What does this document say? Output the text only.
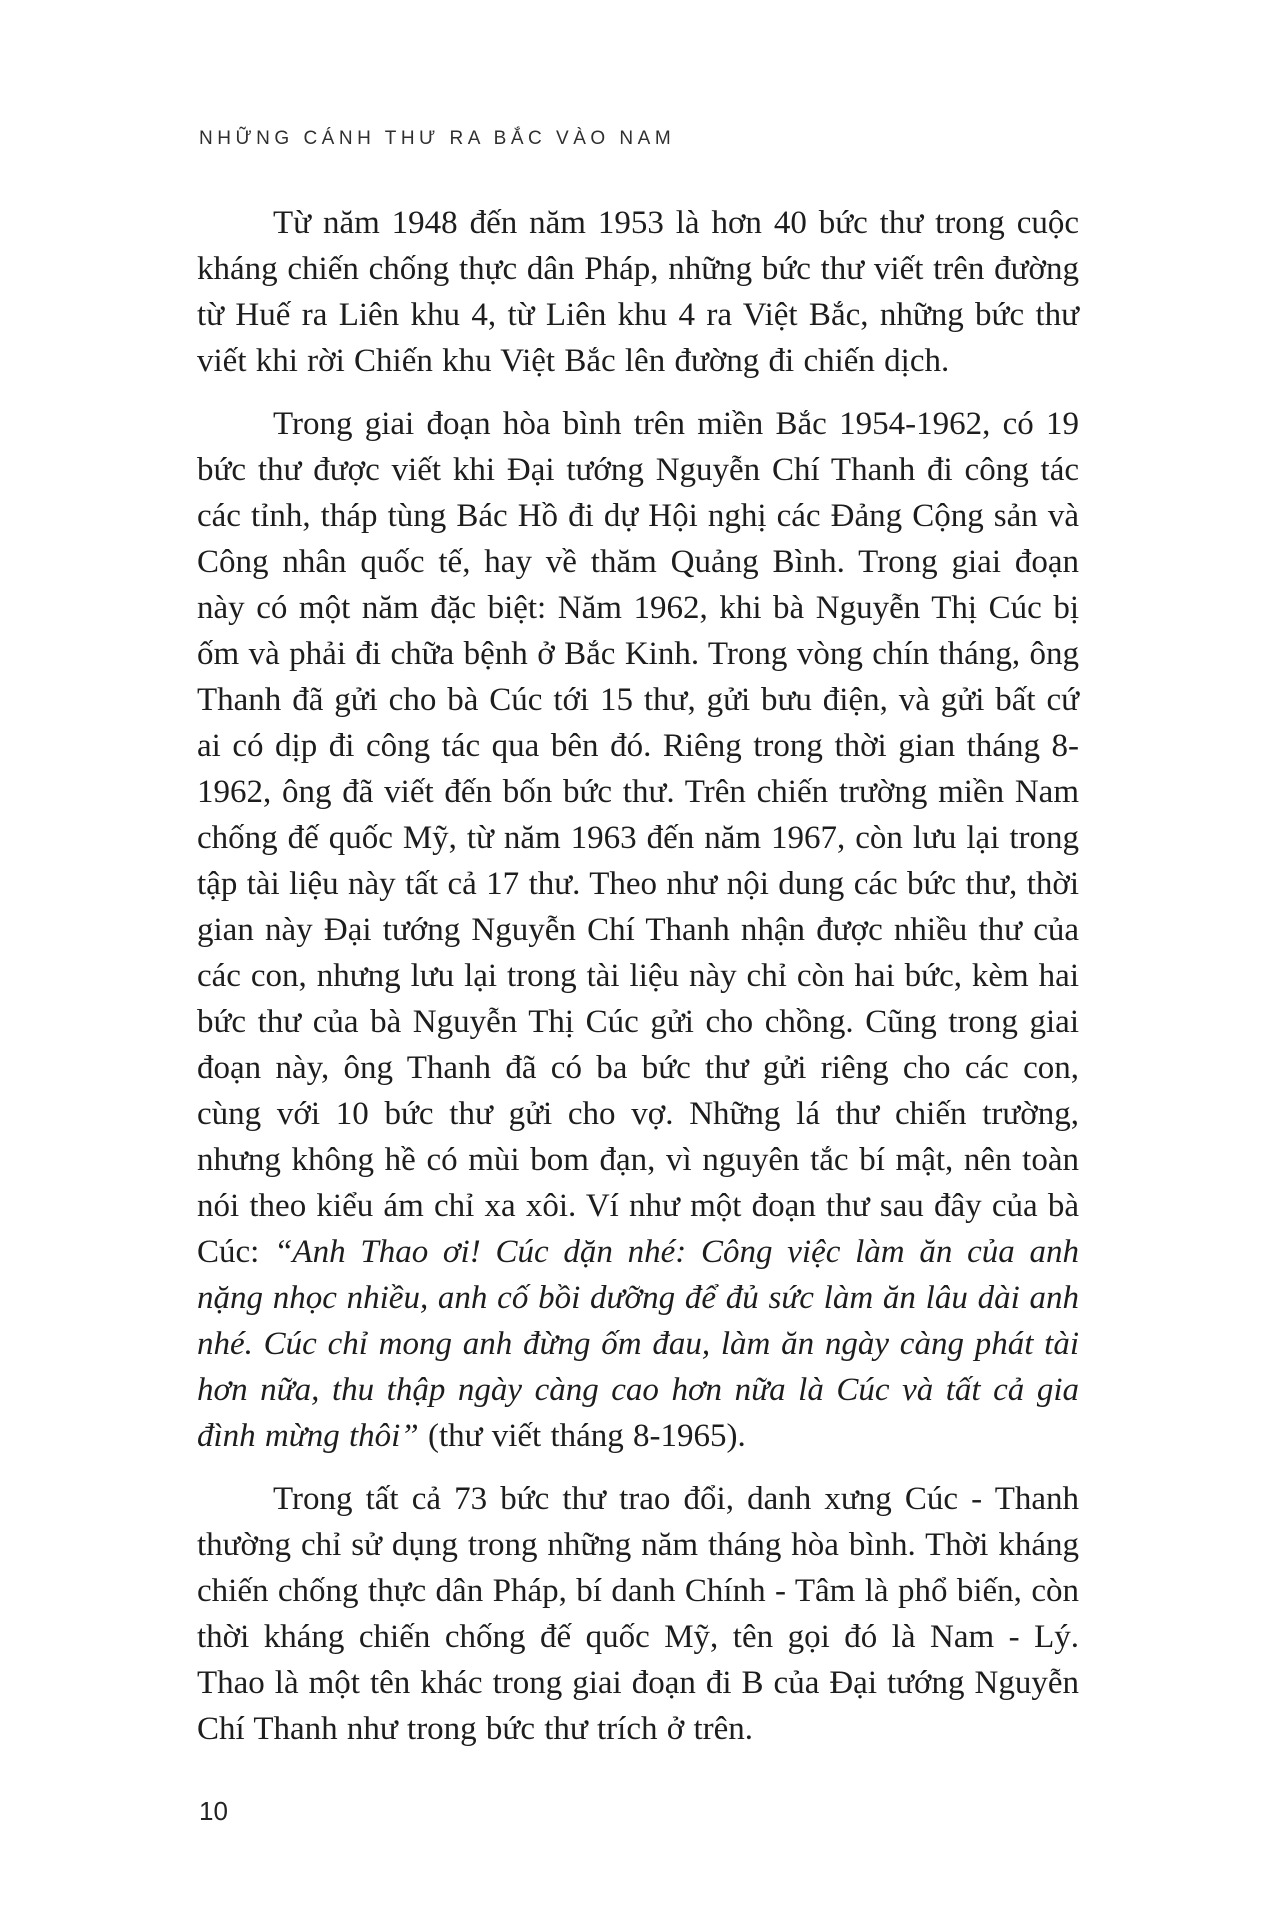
NHỮNG CÁNH THƯ RA BẮC VÀO NAM

Từ năm 1948 đến năm 1953 là hơn 40 bức thư trong cuộc kháng chiến chống thực dân Pháp, những bức thư viết trên đường từ Huế ra Liên khu 4, từ Liên khu 4 ra Việt Bắc, những bức thư viết khi rời Chiến khu Việt Bắc lên đường đi chiến dịch.

Trong giai đoạn hòa bình trên miền Bắc 1954-1962, có 19 bức thư được viết khi Đại tướng Nguyễn Chí Thanh đi công tác các tỉnh, tháp tùng Bác Hồ đi dự Hội nghị các Đảng Cộng sản và Công nhân quốc tế, hay về thăm Quảng Bình. Trong giai đoạn này có một năm đặc biệt: Năm 1962, khi bà Nguyễn Thị Cúc bị ốm và phải đi chữa bệnh ở Bắc Kinh. Trong vòng chín tháng, ông Thanh đã gửi cho bà Cúc tới 15 thư, gửi bưu điện, và gửi bất cứ ai có dịp đi công tác qua bên đó. Riêng trong thời gian tháng 8-1962, ông đã viết đến bốn bức thư. Trên chiến trường miền Nam chống đế quốc Mỹ, từ năm 1963 đến năm 1967, còn lưu lại trong tập tài liệu này tất cả 17 thư. Theo như nội dung các bức thư, thời gian này Đại tướng Nguyễn Chí Thanh nhận được nhiều thư của các con, nhưng lưu lại trong tài liệu này chỉ còn hai bức, kèm hai bức thư của bà Nguyễn Thị Cúc gửi cho chồng. Cũng trong giai đoạn này, ông Thanh đã có ba bức thư gửi riêng cho các con, cùng với 10 bức thư gửi cho vợ. Những lá thư chiến trường, nhưng không hề có mùi bom đạn, vì nguyên tắc bí mật, nên toàn nói theo kiểu ám chỉ xa xôi. Ví như một đoạn thư sau đây của bà Cúc: “Anh Thao ơi! Cúc dặn nhé: Công việc làm ăn của anh nặng nhọc nhiều, anh cố bồi dưỡng để đủ sức làm ăn lâu dài anh nhé. Cúc chỉ mong anh đừng ốm đau, làm ăn ngày càng phát tài hơn nữa, thu thập ngày càng cao hơn nữa là Cúc và tất cả gia đình mừng thôi” (thư viết tháng 8-1965).

Trong tất cả 73 bức thư trao đổi, danh xưng Cúc - Thanh thường chỉ sử dụng trong những năm tháng hòa bình. Thời kháng chiến chống thực dân Pháp, bí danh Chính - Tâm là phổ biến, còn thời kháng chiến chống đế quốc Mỹ, tên gọi đó là Nam - Lý. Thao là một tên khác trong giai đoạn đi B của Đại tướng Nguyễn Chí Thanh như trong bức thư trích ở trên.

10
